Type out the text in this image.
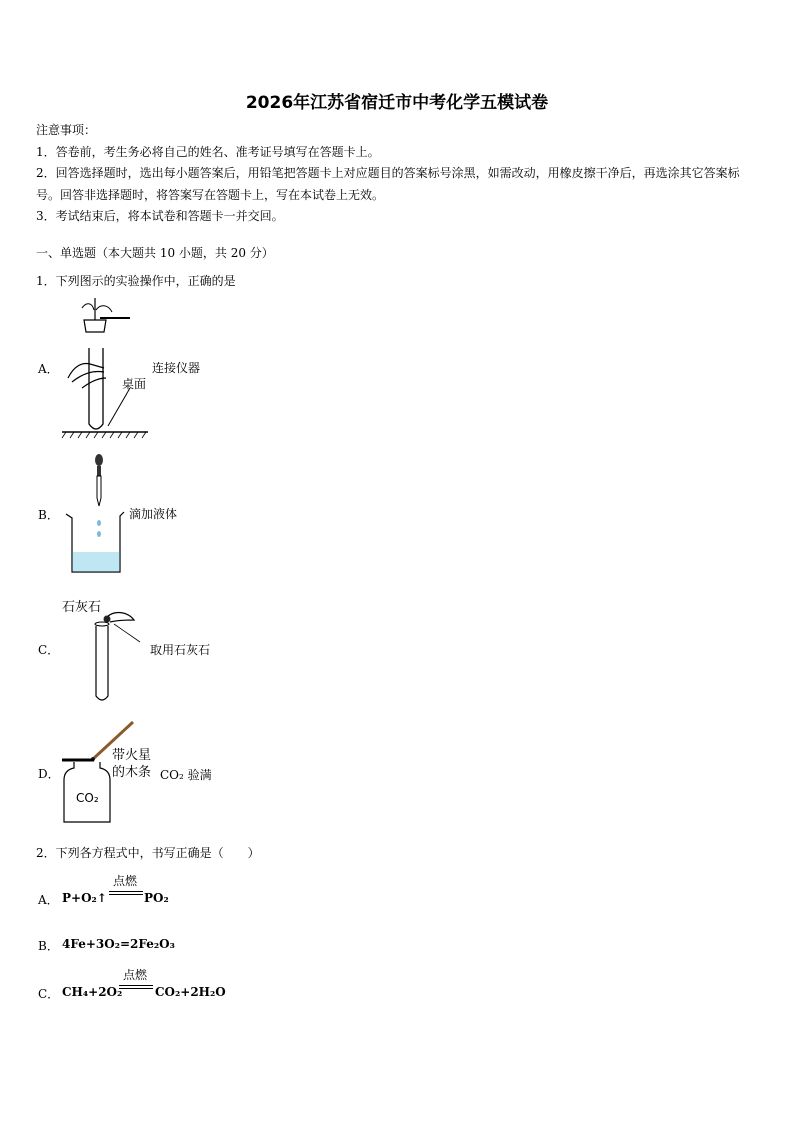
2026年江苏省宿迁市中考化学五模试卷

注意事项：

1．答卷前，考生务必将自己的姓名、准考证号填写在答题卡上。

2．回答选择题时，选出每小题答案后，用铅笔把答题卡上对应题目的答案标号涂黑，如需改动，用橡皮擦干净后，再选涂其它答案标号。回答非选择题时，将答案写在答题卡上，写在本试卷上无效。

3．考试结束后，将本试卷和答题卡一并交回。

一、单选题（本大题共 10 小题，共 20 分）
1．下列图示的实验操作中，正确的是
A．	连接仪器
桌面
B．	滴加液体
石灰石
C．	取用石灰石
D．
CO₂
带火星
的木条 CO₂ 验满
2．下列各方程式中，书写正确是（　　）
A． P+O₂↑
点燃
PO₂
B． 4Fe+3O₂=2Fe₂O₃
C． CH₄+2O₂
点燃
CO₂+2H₂O
